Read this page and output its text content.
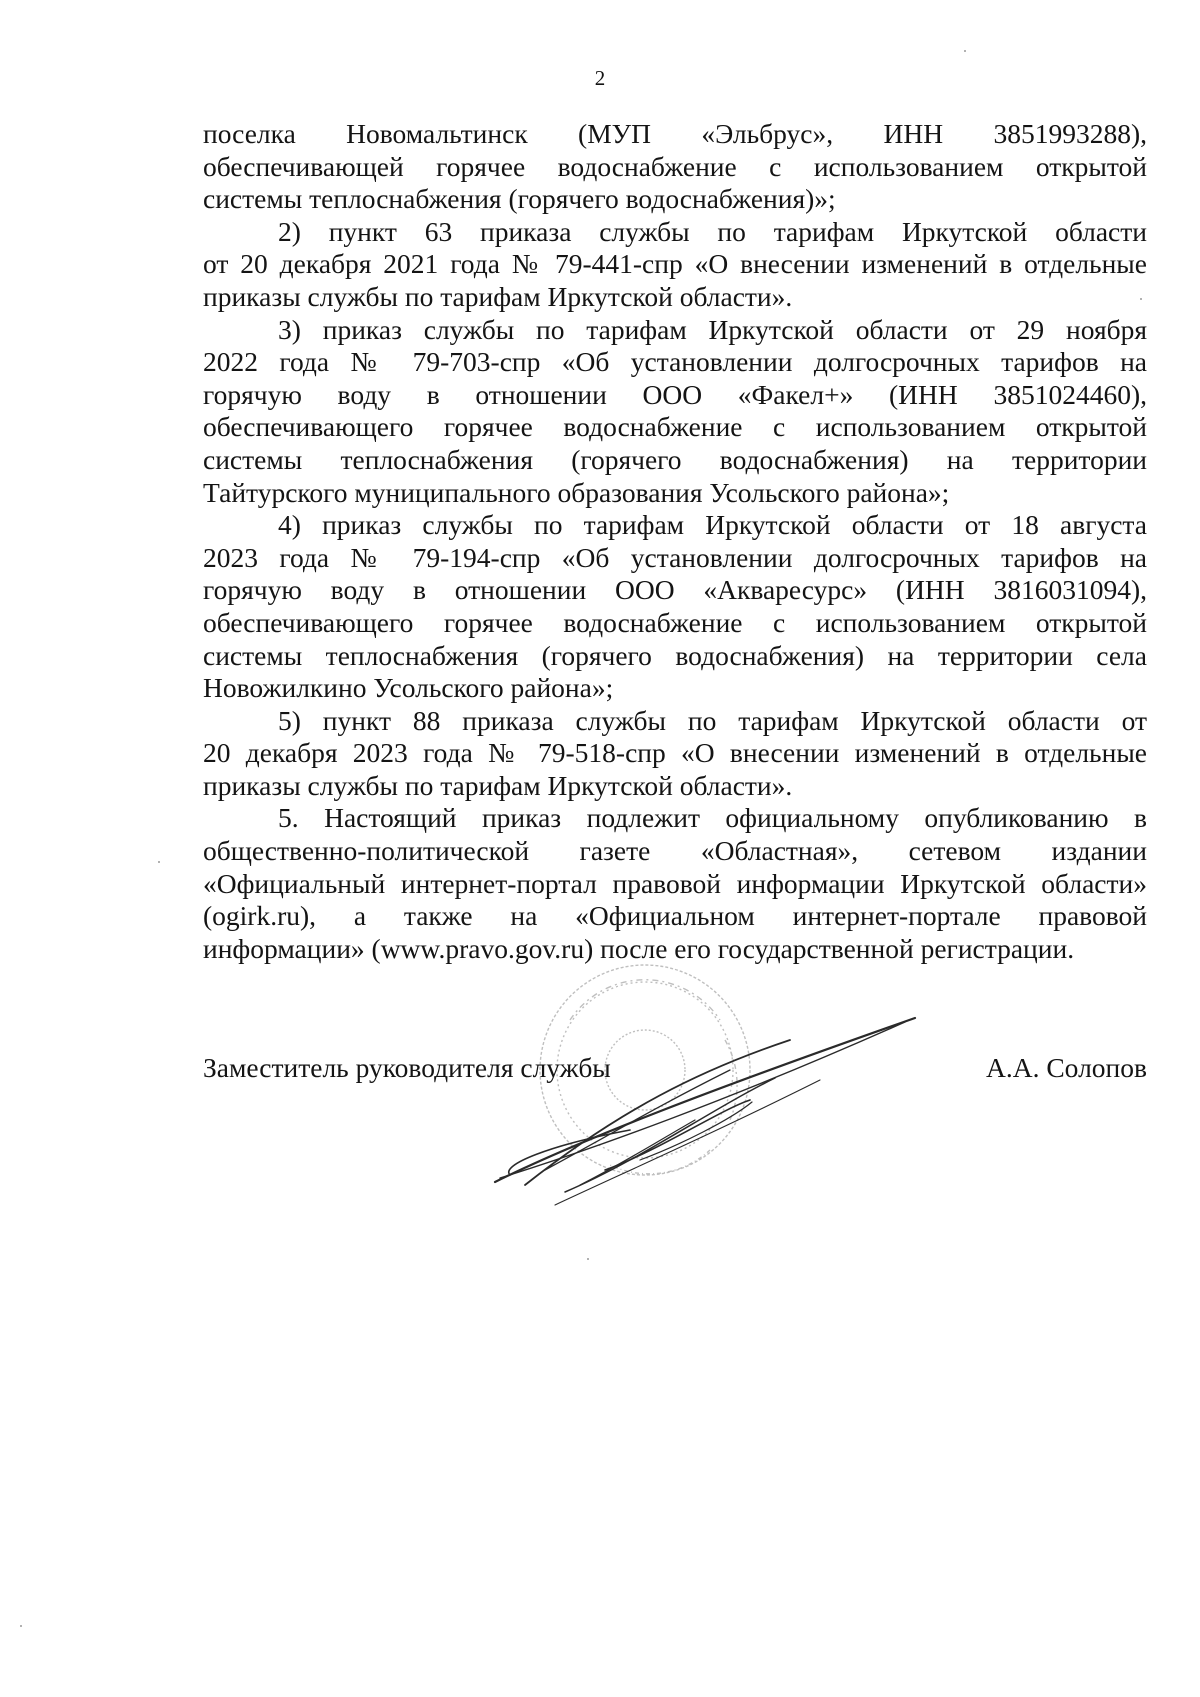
2
поселка Новомальтинск (МУП «Эльбрус», ИНН 3851993288),
обеспечивающей горячее водоснабжение с использованием открытой
системы теплоснабжения (горячего водоснабжения)»;
2) пункт 63 приказа службы по тарифам Иркутской области
от 20 декабря 2021 года № 79-441-спр «О внесении изменений в отдельные
приказы службы по тарифам Иркутской области».
3) приказ службы по тарифам Иркутской области от 29 ноября
2022 года № 79-703-спр «Об установлении долгосрочных тарифов на
горячую воду в отношении ООО «Факел+» (ИНН 3851024460),
обеспечивающего горячее водоснабжение с использованием открытой
системы теплоснабжения (горячего водоснабжения) на территории
Тайтурского муниципального образования Усольского района»;
4) приказ службы по тарифам Иркутской области от 18 августа
2023 года № 79-194-спр «Об установлении долгосрочных тарифов на
горячую воду в отношении ООО «Акваресурс» (ИНН 3816031094),
обеспечивающего горячее водоснабжение с использованием открытой
системы теплоснабжения (горячего водоснабжения) на территории села
Новожилкино Усольского района»;
5) пункт 88 приказа службы по тарифам Иркутской области от
20 декабря 2023 года № 79-518-спр «О внесении изменений в отдельные
приказы службы по тарифам Иркутской области».
5. Настоящий приказ подлежит официальному опубликованию в
общественно-политической газете «Областная», сетевом издании
«Официальный интернет-портал правовой информации Иркутской области»
(ogirk.ru), а также на «Официальном интернет-портале правовой
информации» (www.pravo.gov.ru) после его государственной регистрации.
Заместитель руководителя службы	А.А. Солопов
